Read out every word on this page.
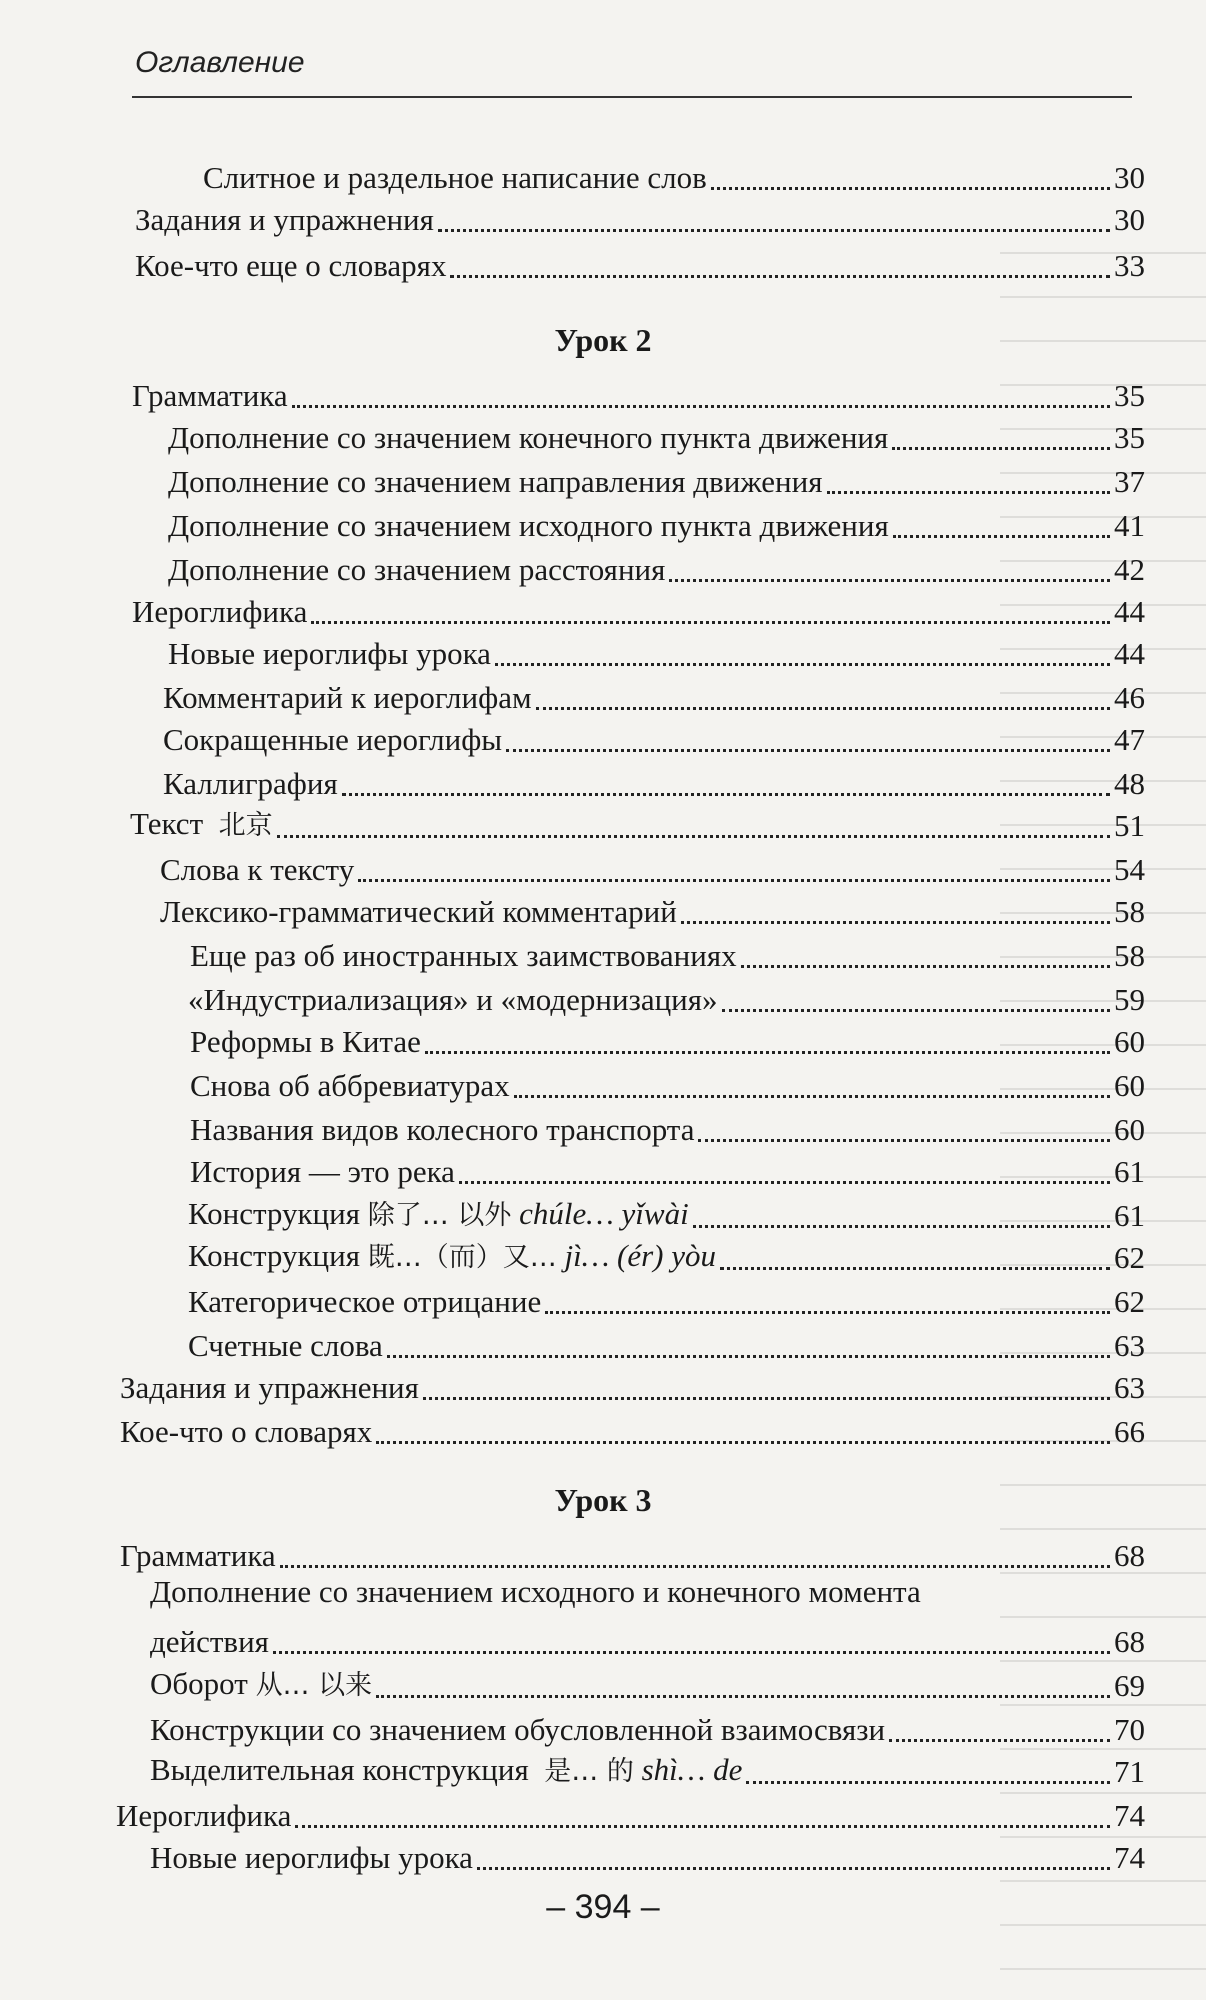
Оглавление
Слитное и раздельное написание слов	30
Задания и упражнения	30
Кое-что еще о словарях	33
Урок 2
Грамматика	35
Дополнение со значением конечного пункта движения	35
Дополнение со значением направления движения	37
Дополнение со значением исходного пункта движения	41
Дополнение со значением расстояния	42
Иероглифика	44
Новые иероглифы урока	44
Комментарий к иероглифам	46
Сокращенные иероглифы	47
Каллиграфия	48
Текст 北京	51
Слова к тексту	54
Лексико-грамматический комментарий	58
Еще раз об иностранных заимствованиях	58
«Индустриализация» и «модернизация»	59
Реформы в Китае	60
Снова об аббревиатурах	60
Названия видов колесного транспорта	60
История — это река	61
Конструкция 除了… 以外 chúle… yǐwài	61
Конструкция 既…（而）又… jì… (ér) yòu	62
Категорическое отрицание	62
Счетные слова	63
Задания и упражнения	63
Кое-что о словарях	66
Урок 3
Грамматика	68
Дополнение со значением исходного и конечного момента
действия	68
Оборот 从… 以来	69
Конструкции со значением обусловленной взаимосвязи	70
Выделительная конструкция 是… 的 shì… de	71
Иероглифика	74
Новые иероглифы урока	74
– 394 –
